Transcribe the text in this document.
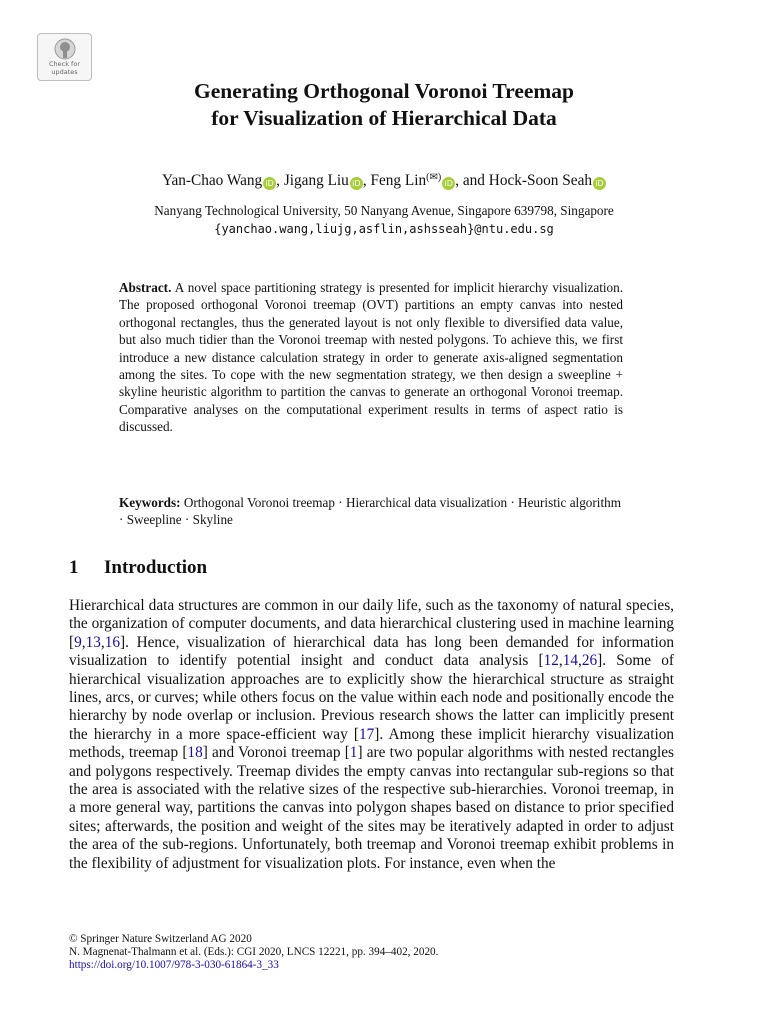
Check for
updates
Generating Orthogonal Voronoi Treemap
for Visualization of Hierarchical Data
Yan-Chao Wang iD , Jigang Liu iD , Feng Lin(✉)iD , and Hock-Soon Seah iD
Nanyang Technological University, 50 Nanyang Avenue, Singapore 639798, Singapore
{yanchao.wang,liujg,asflin,ashsseah}@ntu.edu.sg
Abstract. A novel space partitioning strategy is presented for implicit hierarchy visualization. The proposed orthogonal Voronoi treemap (OVT) partitions an empty canvas into nested orthogonal rectangles, thus the generated layout is not only flexible to diversified data value, but also much tidier than the Voronoi treemap with nested polygons. To achieve this, we first introduce a new distance calculation strategy in order to generate axis-aligned segmentation among the sites. To cope with the new segmentation strategy, we then design a sweepline + skyline heuristic algorithm to partition the canvas to generate an orthogonal Voronoi treemap. Comparative analyses on the computational experiment results in terms of aspect ratio is discussed.
Keywords: Orthogonal Voronoi treemap · Hierarchical data visualization · Heuristic algorithm · Sweepline · Skyline
1 Introduction
Hierarchical data structures are common in our daily life, such as the taxonomy of natural species, the organization of computer documents, and data hierarchical clustering used in machine learning [9,13,16]. Hence, visualization of hierarchical data has long been demanded for information visualization to identify potential insight and conduct data analysis [12,14,26]. Some of hierarchical visualization approaches are to explicitly show the hierarchical structure as straight lines, arcs, or curves; while others focus on the value within each node and positionally encode the hierarchy by node overlap or inclusion. Previous research shows the latter can implicitly present the hierarchy in a more space-efficient way [17]. Among these implicit hierarchy visualization methods, treemap [18] and Voronoi treemap [1] are two popular algorithms with nested rectangles and polygons respectively. Treemap divides the empty canvas into rectangular sub-regions so that the area is associated with the relative sizes of the respective sub-hierarchies. Voronoi treemap, in a more general way, partitions the canvas into polygon shapes based on distance to prior specified sites; afterwards, the position and weight of the sites may be iteratively adapted in order to adjust the area of the sub-regions. Unfortunately, both treemap and Voronoi treemap exhibit problems in the flexibility of adjustment for visualization plots. For instance, even when the
© Springer Nature Switzerland AG 2020
N. Magnenat-Thalmann et al. (Eds.): CGI 2020, LNCS 12221, pp. 394–402, 2020.
https://doi.org/10.1007/978-3-030-61864-3_33
